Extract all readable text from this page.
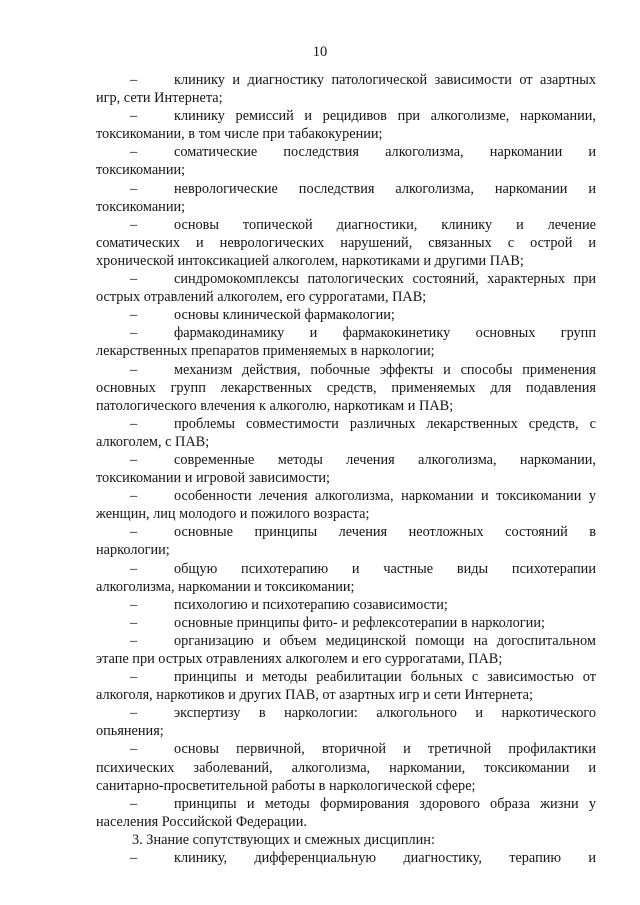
10
–	клинику и диагностику патологической зависимости от азартных
игр, сети Интернета;
–	клинику ремиссий и рецидивов при алкоголизме, наркомании,
токсикомании, в том числе при табакокурении;
–	соматические последствия алкоголизма, наркомании и
токсикомании;
–	неврологические последствия алкоголизма, наркомании и
токсикомании;
–	основы топической диагностики, клинику и лечение
соматических и неврологических нарушений, связанных с острой и
хронической интоксикацией алкоголем, наркотиками и другими ПАВ;
–	синдромокомплексы патологических состояний, характерных при
острых отравлений алкоголем, его суррогатами, ПАВ;
–	основы клинической фармакологии;
–	фармакодинамику и фармакокинетику основных групп
лекарственных препаратов применяемых в наркологии;
–	механизм действия, побочные эффекты и способы применения
основных групп лекарственных средств, применяемых для подавления
патологического влечения к алкоголю, наркотикам и ПАВ;
–	проблемы совместимости различных лекарственных средств, с
алкоголем, с ПАВ;
–	современные методы лечения алкоголизма, наркомании,
токсикомании и игровой зависимости;
–	особенности лечения алкоголизма, наркомании и токсикомании у
женщин, лиц молодого и пожилого возраста;
–	основные принципы лечения неотложных состояний в
наркологии;
–	общую психотерапию и частные виды психотерапии
алкоголизма, наркомании и токсикомании;
–	психологию и психотерапию созависимости;
–	основные принципы фито- и рефлексотерапии в наркологии;
–	организацию и объем медицинской помощи на догоспитальном
этапе при острых отравлениях алкоголем и его суррогатами, ПАВ;
–	принципы и методы реабилитации больных с зависимостью от
алкоголя, наркотиков и других ПАВ, от азартных игр и сети Интернета;
–	экспертизу в наркологии: алкогольного и наркотического
опьянения;
–	основы первичной, вторичной и третичной профилактики
психических заболеваний, алкоголизма, наркомании, токсикомании и
санитарно-просветительной работы в наркологической сфере;
–	принципы и методы формирования здорового образа жизни у
населения Российской Федерации.
3. Знание сопутствующих и смежных дисциплин:
–	клинику, дифференциальную диагностику, терапию и
